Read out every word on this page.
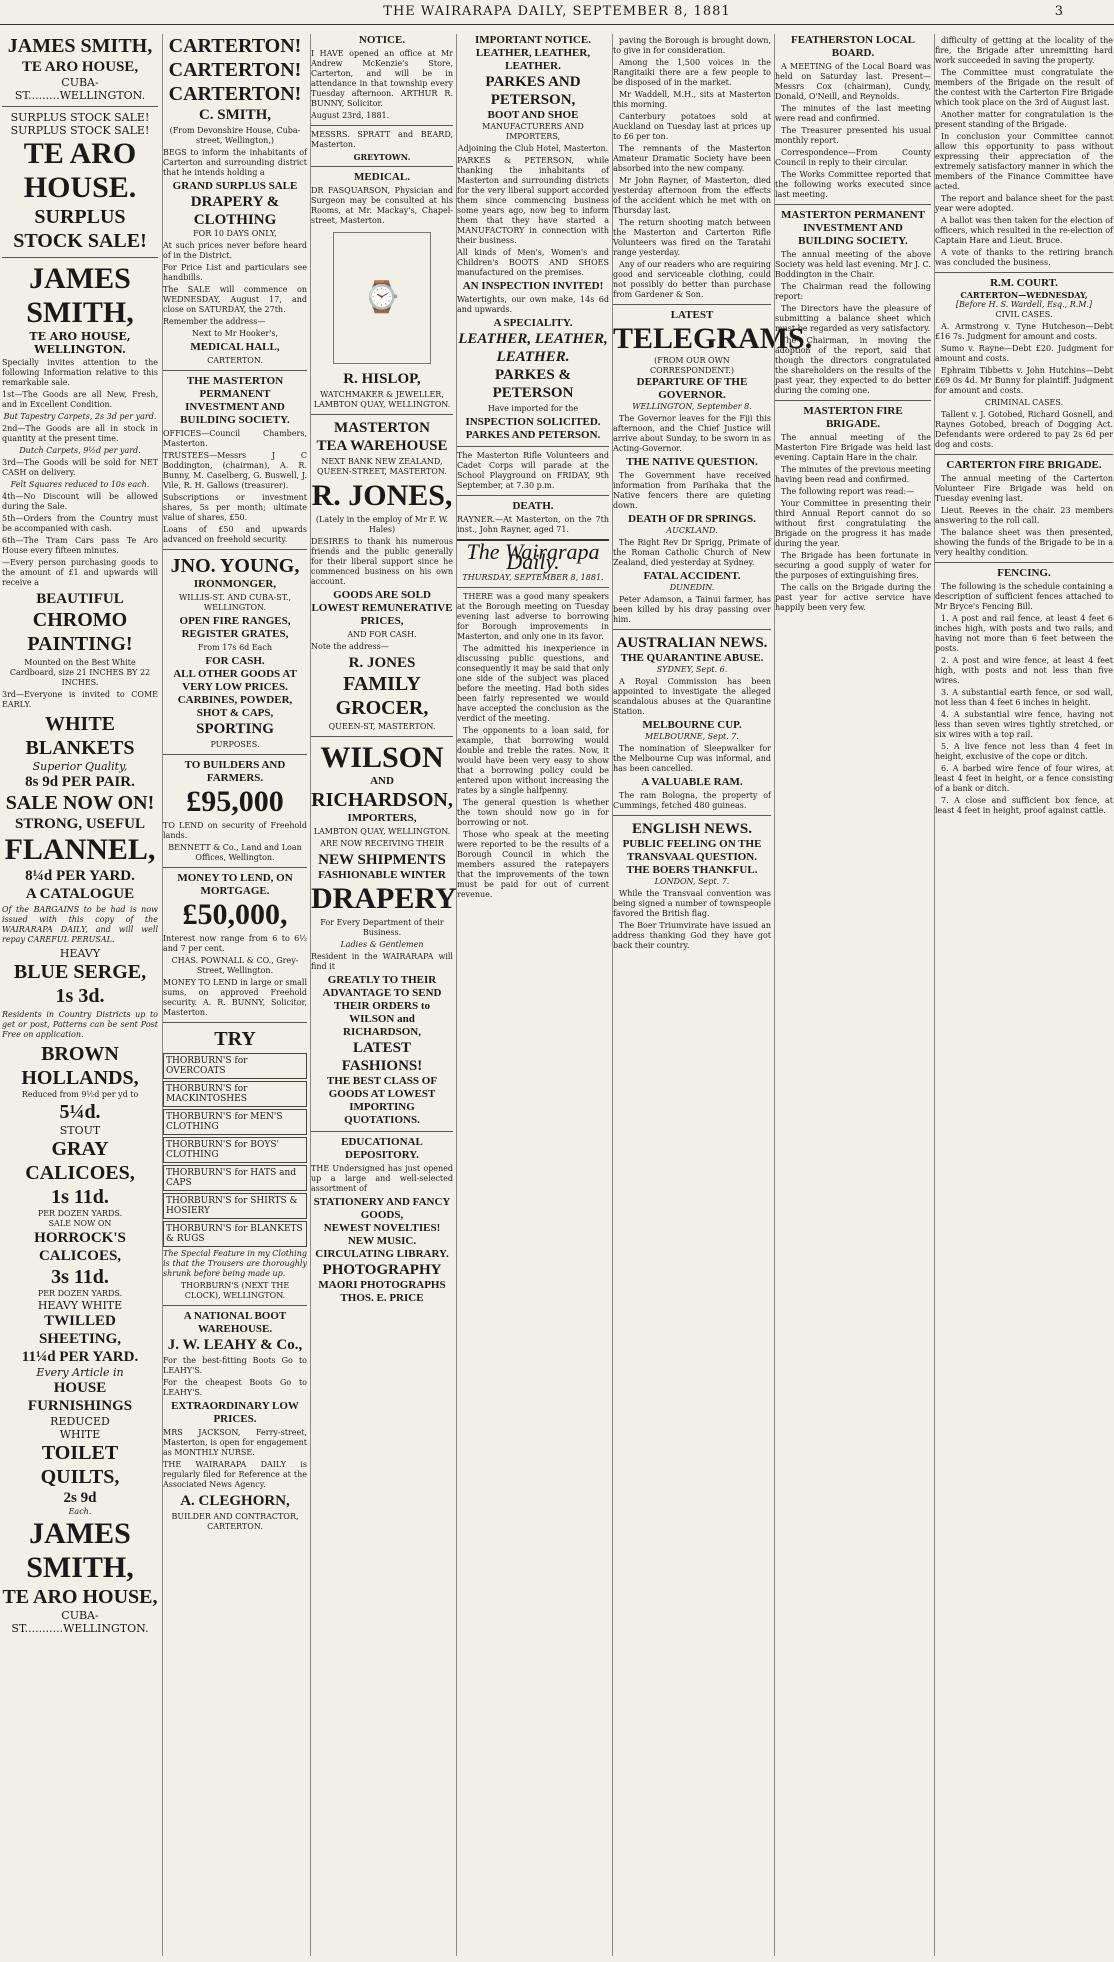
THE WAIRARAPA DAILY, SEPTEMBER 8, 1881	3
JAMES SMITH,
TE ARO HOUSE,
CUBA-ST.........WELLINGTON.
SURPLUS STOCK SALE!
SURPLUS STOCK SALE!
TE ARO HOUSE.
SURPLUS STOCK SALE!
JAMES SMITH,
TE ARO HOUSE, WELLINGTON.

Specially invites attention to the following Information relative to this remarkable sale.

1st—The Goods are all New, Fresh, and in Excellent Condition.

But Tapestry Carpets, 2s 3d per yard.

2nd—The Goods are all in stock in quantity at the present time.

Dutch Carpets, 9½d per yard.

3rd—The Goods will be sold for NET CASH on delivery.

Felt Squares reduced to 10s each.

4th—No Discount will be allowed during the Sale.

5th—Orders from the Country must be accompanied with cash.

6th—The Tram Cars pass Te Aro House every fifteen minutes.

—Every person purchasing goods to the amount of £1 and upwards will receive a

BEAUTIFUL
CHROMO PAINTING!

Mounted on the Best White Cardboard, size 21 INCHES BY 22 INCHES.

3rd—Everyone is invited to COME EARLY.

WHITE BLANKETS
Superior Quality,
8s 9d PER PAIR.
SALE NOW ON!
STRONG, USEFUL
FLANNEL,
8¼d PER YARD.
A CATALOGUE

Of the BARGAINS to be had is now issued with this copy of the WAIRARAPA DAILY, and will well repay CAREFUL PERUSAL.

HEAVY
BLUE SERGE,
1s 3d.

Residents in Country Districts up to get or post, Patterns can be sent Post Free on application.

BROWN HOLLANDS,
Reduced from 9½d per yd to
5¼d.
STOUT
GRAY CALICOES,
1s 11d.
PER DOZEN YARDS.
SALE NOW ON
HORROCK'S CALICOES,
3s 11d.
PER DOZEN YARDS.
HEAVY WHITE
TWILLED SHEETING,
11¼d PER YARD.
Every Article in
HOUSE FURNISHINGS
REDUCED
WHITE
TOILET QUILTS,
2s 9d
Each.
JAMES SMITH,
TE ARO HOUSE,
CUBA-ST...........WELLINGTON.
CARTERTON!
CARTERTON!
CARTERTON!
C. SMITH,

(From Devonshire House, Cuba-street, Wellington,)

BEGS to inform the inhabitants of Carterton and surrounding district that he intends holding a

GRAND SURPLUS SALE
DRAPERY & CLOTHING
FOR 10 DAYS ONLY,

At such prices never before heard of in the District.

For Price List and particulars see handbills.

The SALE will commence on WEDNESDAY, August 17, and close on SATURDAY, the 27th.

Remember the address—

Next to Mr Hooker's,

MEDICAL HALL,

CARTERTON.

THE MASTERTON PERMANENT INVESTMENT AND BUILDING SOCIETY.

OFFICES—Council Chambers, Masterton.

TRUSTEES—Messrs J C Boddington, (chairman), A. R. Bunny, M. Caselberg, G. Buswell, J. Vile, R. H. Gallows (treasurer).

Subscriptions or investment shares, 5s per month; ultimate value of shares, £50.

Loans of £50 and upwards advanced on freehold security.

JNO. YOUNG,
IRONMONGER,

WILLIS-ST. AND CUBA-ST., WELLINGTON.

OPEN FIRE RANGES,
REGISTER GRATES,

From 17s 6d Each

FOR CASH.
ALL OTHER GOODS AT VERY LOW PRICES.
CARBINES, POWDER, SHOT & CAPS,
SPORTING

PURPOSES.

TO BUILDERS AND FARMERS.
£95,000

TO LEND on security of Freehold lands.

BENNETT & Co., Land and Loan Offices, Wellington.

MONEY TO LEND, ON MORTGAGE.
£50,000,

Interest now range from 6 to 6½ and 7 per cent.

CHAS. POWNALL & CO., Grey-Street, Wellington.

MONEY TO LEND in large or small sums, on approved Freehold security. A. R. BUNNY, Solicitor, Masterton.

TRY
THORBURN'S for OVERCOATS
THORBURN'S for MACKINTOSHES
THORBURN'S for MEN'S CLOTHING
THORBURN'S for BOYS' CLOTHING
THORBURN'S for HATS and CAPS
THORBURN'S for SHIRTS & HOSIERY
THORBURN'S for BLANKETS & RUGS

The Special Feature in my Clothing is that the Trousers are thoroughly shrunk before being made up.

THORBURN'S (NEXT THE CLOCK), WELLINGTON.

A NATIONAL BOOT WAREHOUSE.
J. W. LEAHY & Co.,

For the best-fitting Boots Go to LEAHY'S.

For the cheapest Boots Go to LEAHY'S.

EXTRAORDINARY LOW PRICES.

MRS JACKSON, Ferry-street, Masterton, is open for engagement as MONTHLY NURSE.

THE WAIRARAPA DAILY is regularly filed for Reference at the Associated News Agency.

A. CLEGHORN,

BUILDER AND CONTRACTOR, CARTERTON.

NOTICE.

I HAVE opened an office at Mr Andrew McKenzie's Store, Carterton, and will be in attendance in that township every Tuesday afternoon. ARTHUR R. BUNNY, Solicitor.

August 23rd, 1881.

MESSRS. SPRATT and BEARD, Masterton.

GREYTOWN.
MEDICAL.

DR FASQUARSON, Physician and Surgeon may be consulted at his Rooms, at Mr. Mackay's, Chapel-street, Masterton.

⌚
R. HISLOP,

WATCHMAKER & JEWELLER, LAMBTON QUAY, WELLINGTON.

MASTERTON
TEA WAREHOUSE

NEXT BANK NEW ZEALAND, QUEEN-STREET, MASTERTON.

R. JONES,

(Lately in the employ of Mr F. W. Hales)

DESIRES to thank his numerous friends and the public generally for their liberal support since he commenced business on his own account.

GOODS ARE SOLD
LOWEST REMUNERATIVE PRICES,

AND FOR CASH.

Note the address—

R. JONES
FAMILY GROCER,

QUEEN-ST, MASTERTON.

WILSON
AND
RICHARDSON,
IMPORTERS,

LAMBTON QUAY, WELLINGTON.

ARE NOW RECEIVING THEIR

NEW SHIPMENTS
FASHIONABLE WINTER
DRAPERY

For Every Department of their Business.

Ladies & Gentlemen

Resident in the WAIRARAPA will find it

GREATLY TO THEIR ADVANTAGE TO SEND THEIR ORDERS to WILSON and RICHARDSON,
LATEST FASHIONS!
THE BEST CLASS OF GOODS AT LOWEST IMPORTING QUOTATIONS.
EDUCATIONAL DEPOSITORY.

THE Undersigned has just opened up a large and well-selected assortment of

STATIONERY AND FANCY GOODS,
NEWEST NOVELTIES!
NEW MUSIC.
CIRCULATING LIBRARY.
PHOTOGRAPHY
MAORI PHOTOGRAPHS
THOS. E. PRICE
IMPORTANT NOTICE.
LEATHER, LEATHER, LEATHER.
PARKES AND PETERSON,
BOOT AND SHOE
MANUFACTURERS AND IMPORTERS,

Adjoining the Club Hotel, Masterton.

PARKES & PETERSON, while thanking the inhabitants of Masterton and surrounding districts for the very liberal support accorded them since commencing business some years ago, now beg to inform them that they have started a MANUFACTORY in connection with their business.

All kinds of Men's, Women's and Children's BOOTS AND SHOES manufactured on the premises.

AN INSPECTION INVITED!

Watertights, our own make, 14s 6d and upwards.

A SPECIALITY.
LEATHER, LEATHER, LEATHER.
PARKES & PETERSON

Have imported for the

INSPECTION SOLICITED.
PARKES AND PETERSON.

The Masterton Rifle Volunteers and Cadet Corps will parade at the School Playground on FRIDAY, 9th September, at 7.30 p.m.

DEATH.

RAYNER.—At Masterton, on the 7th inst., John Rayner, aged 71.

The Wairarapa Daily.
THURSDAY, SEPTEMBER 8, 1881.

THERE was a good many speakers at the Borough meeting on Tuesday evening last adverse to borrowing for Borough improvements in Masterton, and only one in its favor.

The admitted his inexperience in discussing public questions, and consequently it may be said that only one side of the subject was placed before the meeting. Had both sides been fairly represented we would have accepted the conclusion as the verdict of the meeting.

The opponents to a loan said, for example, that borrowing would double and treble the rates. Now, it would have been very easy to show that a borrowing policy could be entered upon without increasing the rates by a single halfpenny.

The general question is whether the town should now go in for borrowing or not.

Those who speak at the meeting were reported to be the results of a Borough Council in which the members assured the ratepayers that the improvements of the town must be paid for out of current revenue.

paving the Borough is brought down, to give in for consideration.

Among the 1,500 voices in the Rangitaiki there are a few people to be disposed of in the market.

Mr Waddell, M.H., sits at Masterton this morning.

Canterbury potatoes sold at Auckland on Tuesday last at prices up to £6 per ton.

The remnants of the Masterton Amateur Dramatic Society have been absorbed into the new company.

Mr John Rayner, of Masterton, died yesterday afternoon from the effects of the accident which he met with on Thursday last.

The return shooting match between the Masterton and Carterton Rifle Volunteers was fired on the Taratahi range yesterday.

Any of our readers who are requiring good and serviceable clothing, could not possibly do better than purchase from Gardener & Son.

LATEST
TELEGRAMS.
(FROM OUR OWN CORRESPONDENT.)
DEPARTURE OF THE GOVERNOR.
WELLINGTON, September 8.

The Governor leaves for the Fiji this afternoon, and the Chief Justice will arrive about Sunday, to be sworn in as Acting-Governor.

THE NATIVE QUESTION.

The Government have received information from Parihaka that the Native fencers there are quieting down.

DEATH OF DR SPRINGS.
AUCKLAND.

The Right Rev Dr Sprigg, Primate of the Roman Catholic Church of New Zealand, died yesterday at Sydney.

FATAL ACCIDENT.
DUNEDIN.

Peter Adamson, a Tainui farmer, has been killed by his dray passing over him.

AUSTRALIAN NEWS.
THE QUARANTINE ABUSE.
SYDNEY, Sept. 6.

A Royal Commission has been appointed to investigate the alleged scandalous abuses at the Quarantine Station.

MELBOURNE CUP.
MELBOURNE, Sept. 7.

The nomination of Sleepwalker for the Melbourne Cup was informal, and has been cancelled.

A VALUABLE RAM.

The ram Bologna, the property of Cummings, fetched 480 guineas.

ENGLISH NEWS.
PUBLIC FEELING ON THE TRANSVAAL QUESTION.
THE BOERS THANKFUL.
LONDON, Sept. 7.

While the Transvaal convention was being signed a number of townspeople favored the British flag.

The Boer Triumvirate have issued an address thanking God they have got back their country.

FEATHERSTON LOCAL BOARD.

A MEETING of the Local Board was held on Saturday last. Present—Messrs Cox (chairman), Cundy, Donald, O'Neill, and Reynolds.

The minutes of the last meeting were read and confirmed.

The Treasurer presented his usual monthly report.

Correspondence—From County Council in reply to their circular.

The Works Committee reported that the following works executed since last meeting.

MASTERTON PERMANENT INVESTMENT AND BUILDING SOCIETY.

The annual meeting of the above Society was held last evening. Mr J. C. Boddington in the Chair.

The Chairman read the following report:

The Directors have the pleasure of submitting a balance sheet which must be regarded as very satisfactory.

The Chairman, in moving the adoption of the report, said that though the directors congratulated the shareholders on the results of the past year, they expected to do better during the coming one.

MASTERTON FIRE BRIGADE.

The annual meeting of the Masterton Fire Brigade was held last evening. Captain Hare in the chair.

The minutes of the previous meeting having been read and confirmed.

The following report was read:—

Your Committee in presenting their third Annual Report cannot do so without first congratulating the Brigade on the progress it has made during the year.

The Brigade has been fortunate in securing a good supply of water for the purposes of extinguishing fires.

The calls on the Brigade during the past year for active service have happily been very few.

difficulty of getting at the locality of the fire, the Brigade after unremitting hard work succeeded in saving the property.

The Committee must congratulate the members of the Brigade on the result of the contest with the Carterton Fire Brigade which took place on the 3rd of August last.

Another matter for congratulation is the present standing of the Brigade.

In conclusion your Committee cannot allow this opportunity to pass without expressing their appreciation of the extremely satisfactory manner in which the members of the Finance Committee have acted.

The report and balance sheet for the past year were adopted.

A ballot was then taken for the election of officers, which resulted in the re-election of Captain Hare and Lieut. Bruce.

A vote of thanks to the retiring branch was concluded the business.

R.M. COURT.
CARTERTON—WEDNESDAY,
[Before H. S. Wardell, Esq., R.M.]
CIVIL CASES.

A. Armstrong v. Tyne Hutcheson—Debt £16 7s. Judgment for amount and costs.

Sumo v. Rayne—Debt £20. Judgment for amount and costs.

Ephraim Tibbetts v. John Hutchins—Debt £69 0s 4d. Mr Bunny for plaintiff. Judgment for amount and costs.

CRIMINAL CASES.

Tallent v. J. Gotobed, Richard Gosnell, and Raynes Gotobed, breach of Dogging Act. Defendants were ordered to pay 2s 6d per dog and costs.

CARTERTON FIRE BRIGADE.

The annual meeting of the Carterton Volunteer Fire Brigade was held on Tuesday evening last.

Lieut. Reeves in the chair. 23 members answering to the roll call.

The balance sheet was then presented, showing the funds of the Brigade to be in a very healthy condition.

FENCING.

The following is the schedule containing a description of sufficient fences attached to Mr Bryce's Fencing Bill.

1. A post and rail fence, at least 4 feet 6 inches high, with posts and two rails, and having not more than 6 feet between the posts.

2. A post and wire fence, at least 4 feet high, with posts and not less than five wires.

3. A substantial earth fence, or sod wall, not less than 4 feet 6 inches in height.

4. A substantial wire fence, having not less than seven wires tightly stretched, or six wires with a top rail.

5. A live fence not less than 4 feet in height, exclusive of the cope or ditch.

6. A barbed wire fence of four wires, at least 4 feet in height, or a fence consisting of a bank or ditch.

7. A close and sufficient box fence, at least 4 feet in height, proof against cattle.
